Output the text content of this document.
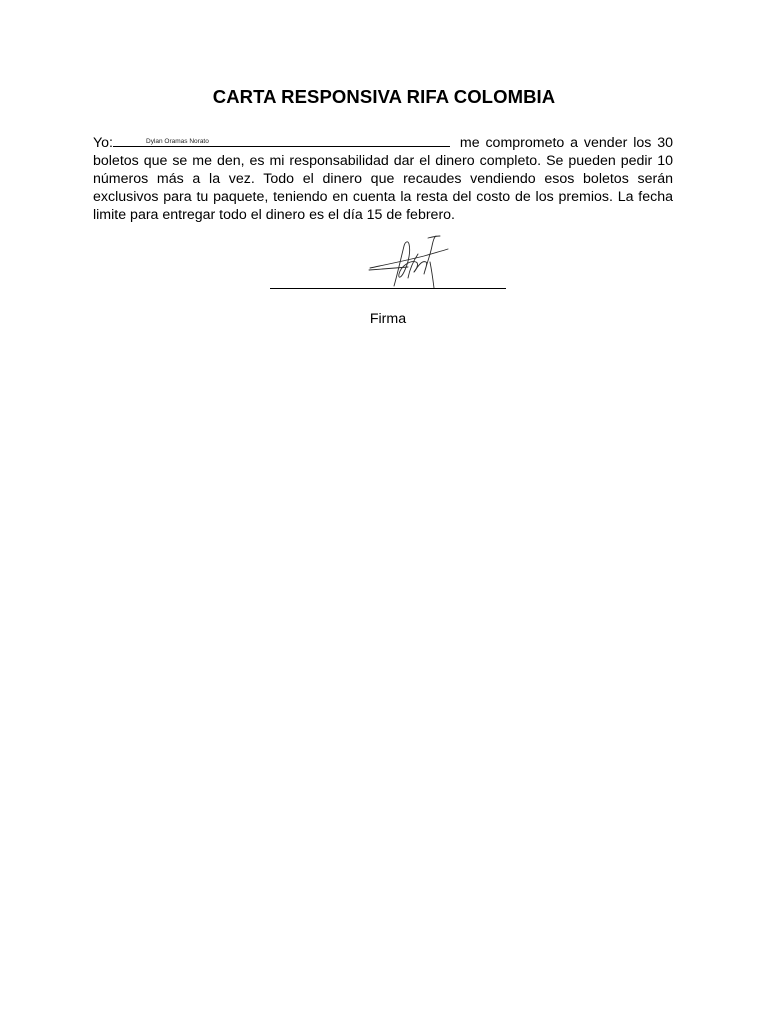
CARTA RESPONSIVA RIFA COLOMBIA
Yo:	Dylan Oramas Norato	me comprometo a vender los 30 boletos que se me den, es mi responsabilidad dar el dinero completo. Se pueden pedir 10 números más a la vez. Todo el dinero que recaudes vendiendo esos boletos serán exclusivos para tu paquete, teniendo en cuenta la resta del costo de los premios. La fecha limite para entregar todo el dinero es el día 15 de febrero.
Firma
